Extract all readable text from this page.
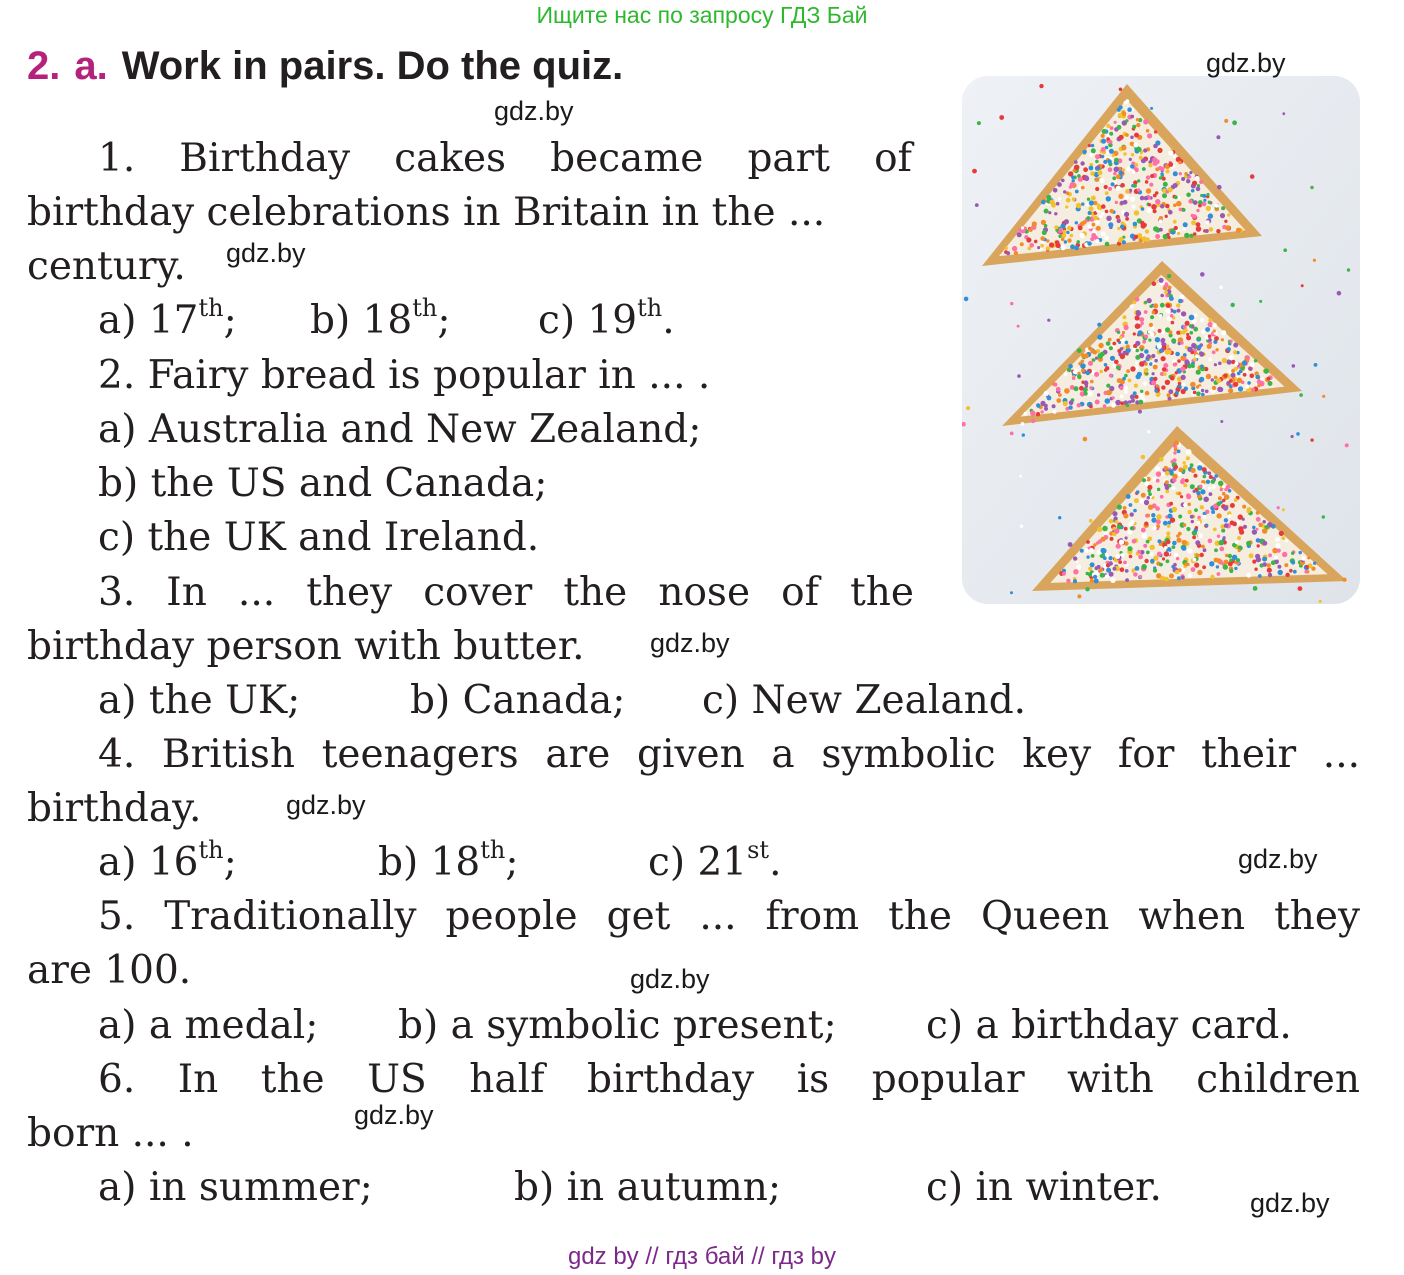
Ищите нас по запросу ГДЗ Бай
2. a. Work in pairs. Do the quiz.
1. Birthday cakes became part of
birthday celebrations in Britain in the ...
century. gdz.by
a) 17th; b) 18th; c) 19th.
gdz.by
gdz.by
2. Fairy bread is popular in ... .
a) Australia and New Zealand;
b) the US and Canada;
c) the UK and Ireland.
3. In ... they cover the nose of the
birthday person with butter. gdz.by
a) the UK;	b) Canada; c) New Zealand.
4. British teenagers are given a symbolic key for their ...
birthday.	gdz.by
a) 16th;	b) 18th;	c) 21st.	gdz.by
5. Traditionally people get ... from the Queen when they
are 100.	gdz.by
a) a medal; b) a symbolic present; c) a birthday card.
6. In the US half birthday is popular with children
born ... .	gdz.by
a) in summer;	b) in autumn;	c) in winter.	gdz.by
gdz by // гдз бай // гдз by
